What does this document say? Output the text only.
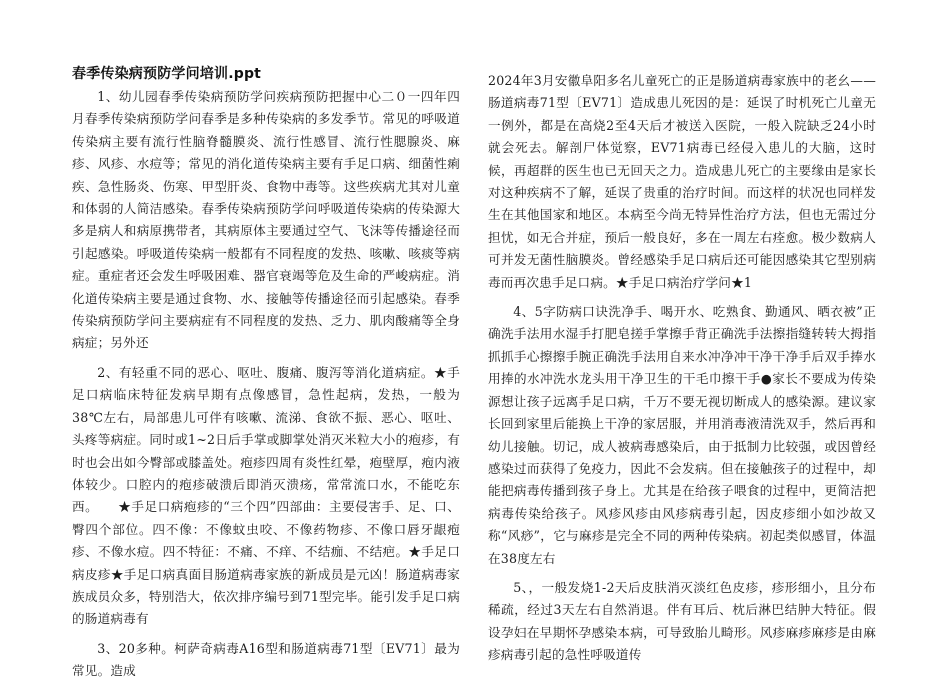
春季传染病预防学问培训.ppt

1、幼儿园春季传染病预防学问疾病预防把握中心二０一四年四月春季传染病预防学问春季是多种传染病的多发季节。常见的呼吸道传染病主要有流行性脑脊髓膜炎、流行性感冒、流行性腮腺炎、麻疹、风疹、水痘等；常见的消化道传染病主要有手足口病、细菌性痢疾、急性肠炎、伤寒、甲型肝炎、食物中毒等。这些疾病尤其对儿童和体弱的人简洁感染。春季传染病预防学问呼吸道传染病的传染源大多是病人和病原携带者，其病原体主要通过空气、飞沫等传播途径而引起感染。呼吸道传染病一般都有不同程度的发热、咳嗽、咳痰等病症。重症者还会发生呼吸困难、器官衰竭等危及生命的严峻病症。消化道传染病主要是通过食物、水、接触等传播途径而引起感染。春季传染病预防学问主要病症有不同程度的发热、乏力、肌肉酸痛等全身病症；另外还

2、有轻重不同的恶心、呕吐、腹痛、腹泻等消化道病症。★手足口病临床特征发病早期有点像感冒，急性起病，发热，一般为38℃左右，局部患儿可伴有咳嗽、流涕、食欲不振、恶心、呕吐、头疼等病症。同时或1~2日后手掌或脚掌处消灭米粒大小的疱疹，有时也会出如今臀部或膝盖处。疱疹四周有炎性红晕，疱壁厚，疱内液体较少。口腔内的疱疹破溃后即消灭溃疡，常常流口水，不能吃东西。　　★手足口病疱疹的“三个四”四部曲：主要侵害手、足、口、臀四个部位。四不像：不像蚊虫咬、不像药物疹、不像口唇牙龈疱疹、不像水痘。四不特征：不痛、不痒、不结痂、不结疤。★手足口病皮疹★手足口病真面目肠道病毒家族的新成员是元凶！肠道病毒家族成员众多，特别浩大，依次排序编号到71型完毕。能引发手足口病的肠道病毒有

3、20多种。柯萨奇病毒A16型和肠道病毒71型〔EV71〕最为常见。造成

2024年3月安徽阜阳多名儿童死亡的正是肠道病毒家族中的老幺——肠道病毒71型〔EV71〕造成患儿死因的是：延误了时机死亡儿童无一例外，都是在高烧2至4天后才被送入医院，一般入院缺乏24小时就会死去。解剖尸体觉察，EV71病毒已经侵入患儿的大脑，这时候，再超群的医生也已无回天之力。造成患儿死亡的主要缘由是家长对这种疾病不了解，延误了贵重的治疗时间。而这样的状况也同样发生在其他国家和地区。本病至今尚无特异性治疗方法，但也无需过分担忧，如无合并症，预后一般良好，多在一周左右痊愈。极少数病人可并发无菌性脑膜炎。曾经感染手足口病后还可能因感染其它型别病毒而再次患手足口病。★手足口病治疗学问★1

4、5字防病口诀洗净手、喝开水、吃熟食、勤通风、晒衣被”正确洗手法用水湿手打肥皂搓手掌擦手背正确洗手法擦指缝转转大拇指抓抓手心擦擦手腕正确洗手法用自来水冲净冲干净干净手后双手捧水用捧的水冲洗水龙头用干净卫生的干毛巾擦干手●家长不要成为传染源想让孩子远离手足口病，千万不要无视切断成人的感染源。建议家长回到家里后能换上干净的家居服，并用消毒液清洗双手，然后再和幼儿接触。切记，成人被病毒感染后，由于抵制力比较强，或因曾经感染过而获得了免疫力，因此不会发病。但在接触孩子的过程中，却能把病毒传播到孩子身上。尤其是在给孩子喂食的过程中，更简洁把病毒传染给孩子。风疹风疹由风疹病毒引起，因皮疹细小如沙故又称“风痧”，它与麻疹是完全不同的两种传染病。初起类似感冒，体温在38度左右

5、，一般发烧1-2天后皮肤消灭淡红色皮疹，疹形细小，且分布稀疏，经过3天左右自然消退。伴有耳后、枕后淋巴结肿大特征。假设孕妇在早期怀孕感染本病，可导致胎儿畸形。风疹麻疹麻疹是由麻疹病毒引起的急性呼吸道传
